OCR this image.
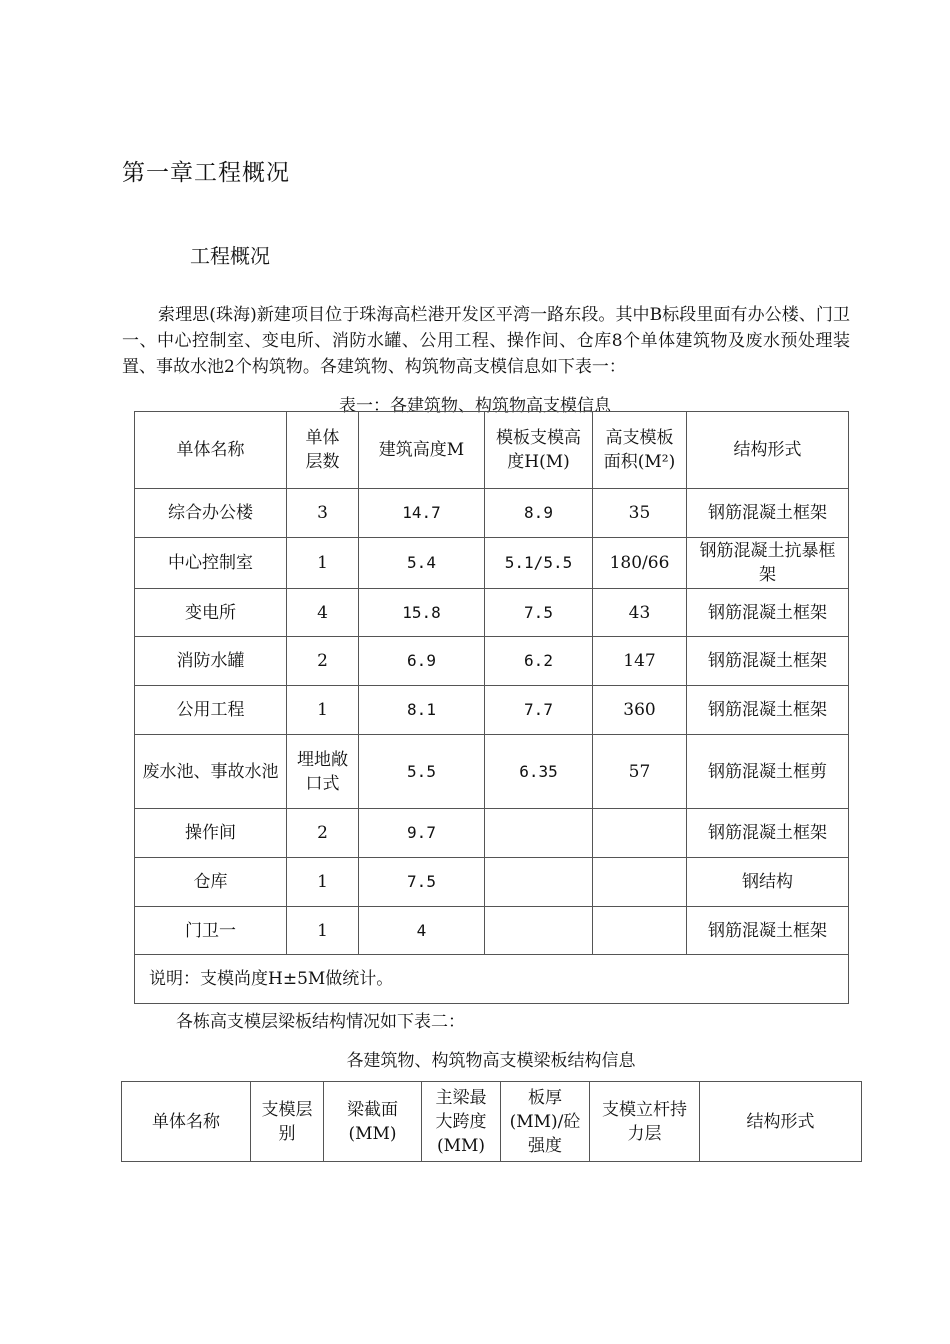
第一章工程概况
工程概况

索理思(珠海)新建项目位于珠海高栏港开发区平湾一路东段。其中B标段里面有办公楼、门卫一、中心控制室、变电所、消防水罐、公用工程、操作间、仓库8个单体建筑物及废水预处理装置、事故水池2个构筑物。各建筑物、构筑物高支模信息如下表一：

表一：各建筑物、构筑物高支模信息
单体名称	单体层数	建筑高度M	模板支模高度H(M)	高支模板面积(M²)	结构形式
综合办公楼	3	14.7	8.9	35	钢筋混凝土框架
中心控制室	1	5.4	5.1/5.5	180/66	钢筋混凝土抗暴框架
变电所	4	15.8	7.5	43	钢筋混凝土框架
消防水罐	2	6.9	6.2	147	钢筋混凝土框架
公用工程	1	8.1	7.7	360	钢筋混凝土框架
废水池、事故水池	埋地敞口式	5.5	6.35	57	钢筋混凝土框剪
操作间	2	9.7			钢筋混凝土框架
仓库	1	7.5			钢结构
门卫一	1	4			钢筋混凝土框架
说明：支模尚度H±5M做统计。					

各栋高支模层梁板结构情况如下表二：

各建筑物、构筑物高支模梁板结构信息
单体名称	支模层别	梁截面(MM)	主梁最大跨度(MM)	板厚(MM)/砼强度	支模立杆持力层	结构形式
